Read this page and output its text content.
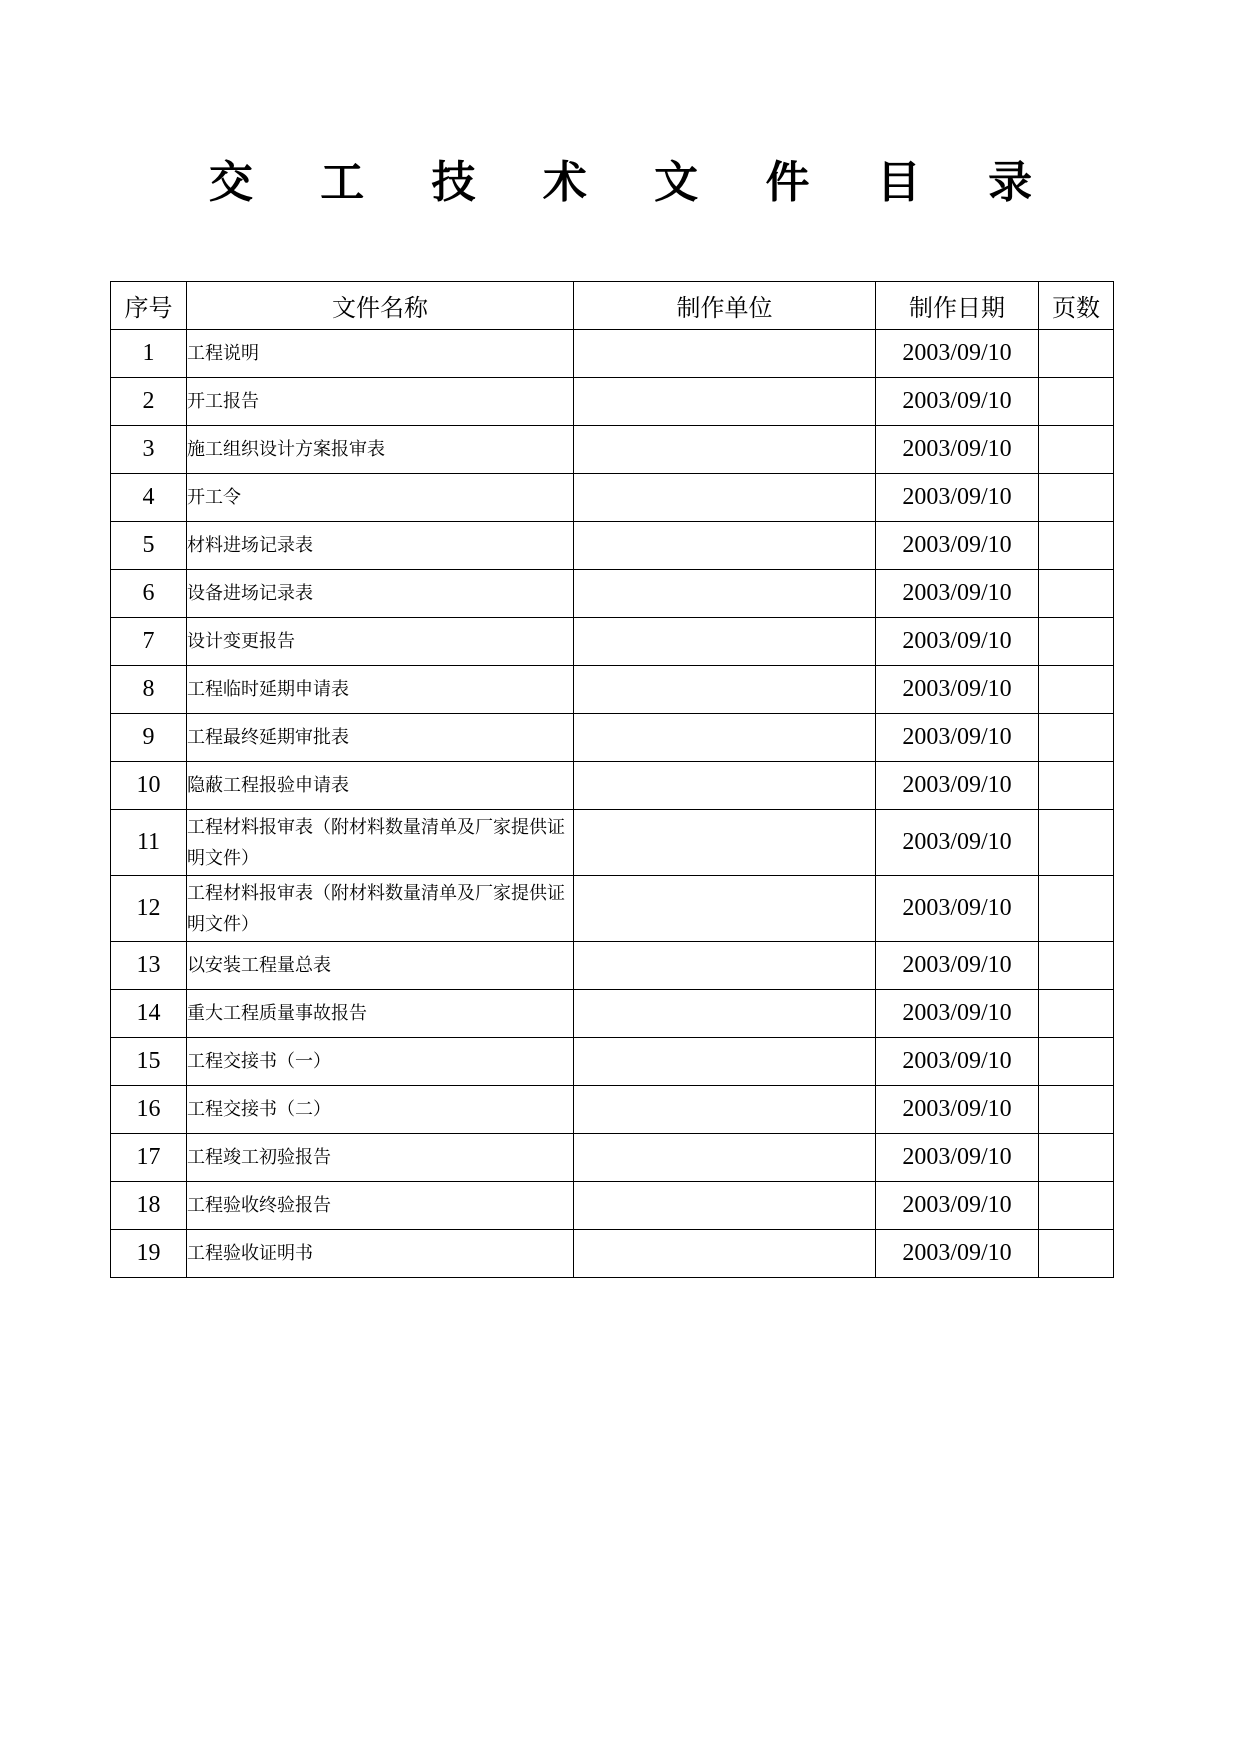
交 工 技 术 文 件 目 录
序号	文件名称	制作单位	制作日期	页数
1	工程说明		2003/09/10	
2	开工报告		2003/09/10	
3	施工组织设计方案报审表		2003/09/10	
4	开工令		2003/09/10	
5	材料进场记录表		2003/09/10	
6	设备进场记录表		2003/09/10	
7	设计变更报告		2003/09/10	
8	工程临时延期申请表		2003/09/10	
9	工程最终延期审批表		2003/09/10	
10	隐蔽工程报验申请表		2003/09/10	
11	工程材料报审表（附材料数量清单及厂家提供证明文件）		2003/09/10	
12	工程材料报审表（附材料数量清单及厂家提供证明文件）		2003/09/10	
13	以安装工程量总表		2003/09/10	
14	重大工程质量事故报告		2003/09/10	
15	工程交接书（一）		2003/09/10	
16	工程交接书（二）		2003/09/10	
17	工程竣工初验报告		2003/09/10	
18	工程验收终验报告		2003/09/10	
19	工程验收证明书		2003/09/10	
